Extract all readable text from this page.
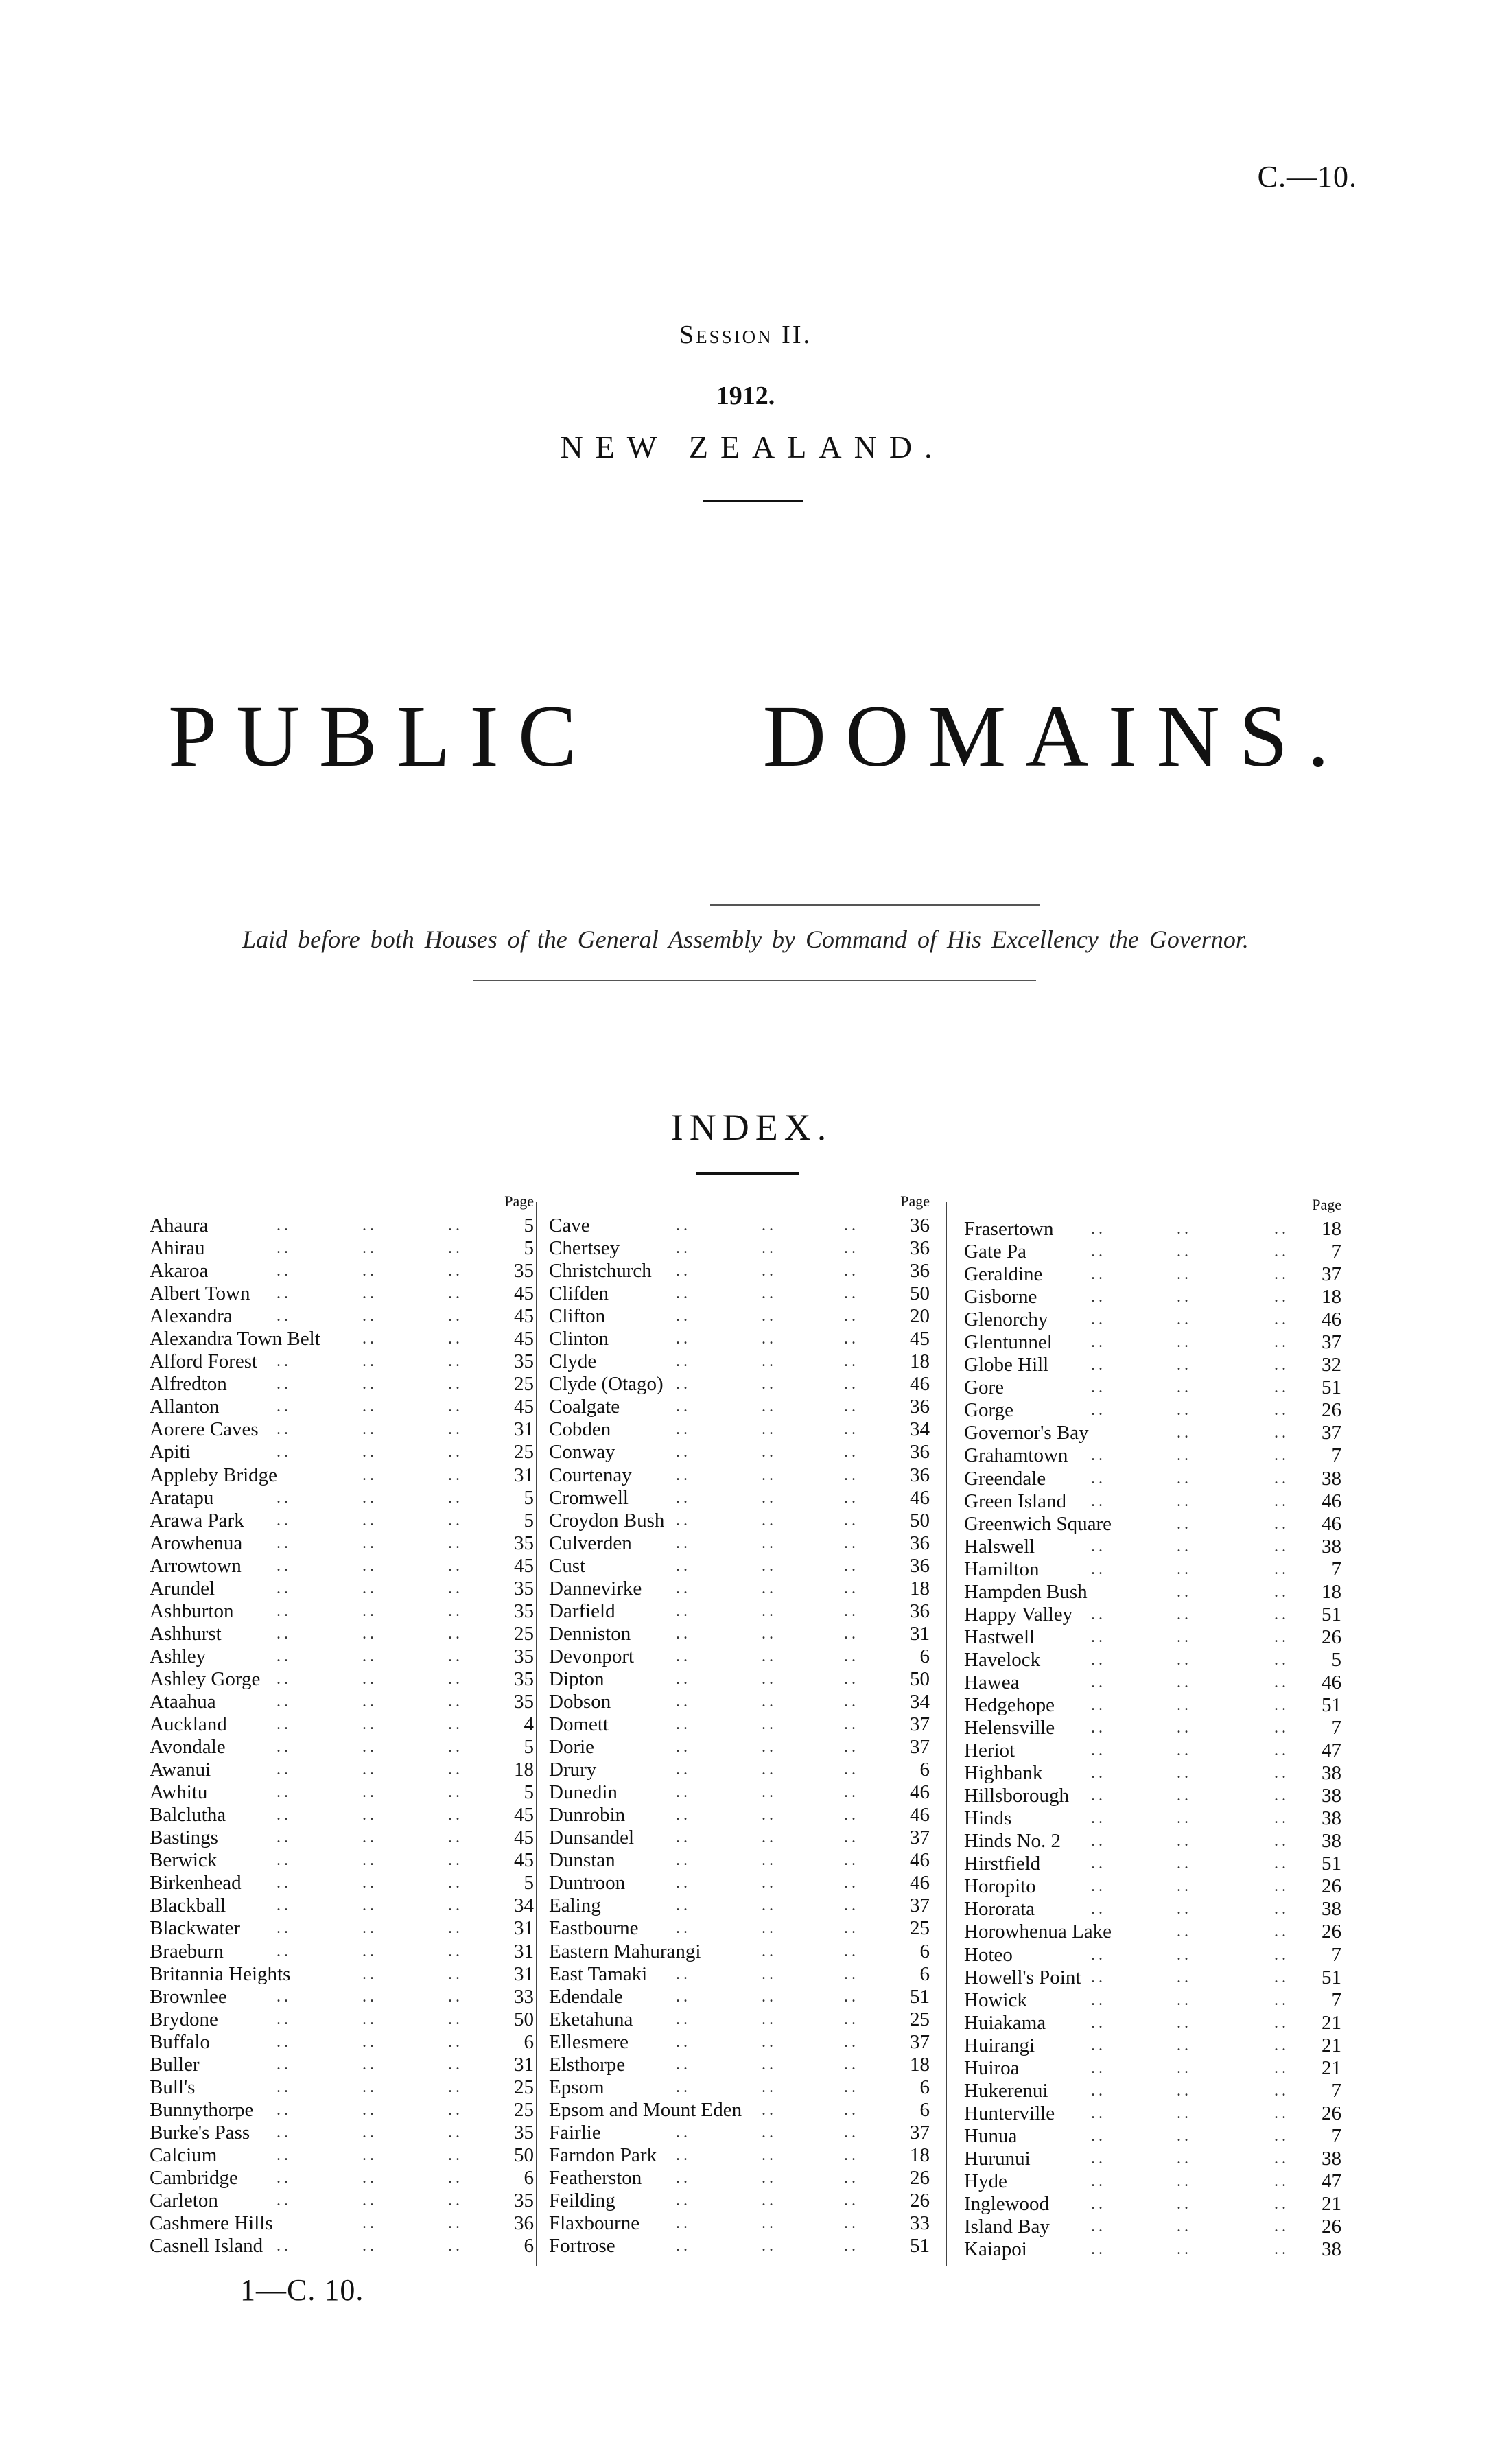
C.—10.
Session II.
1912.
NEW ZEALAND.
PUBLIC DOMAINS.
Laid before both Houses of the General Assembly by Command of His Excellency the Governor.
INDEX.
Page
Ahaura	..	..	..	5
Ahirau	..	..	..	5
Akaroa	..	..	..	35
Albert Town ..	..	..	45
Alexandra	..	..	..	45
Alexandra Town Belt	..	..	45
Alford Forest ..	..	..	35
Alfredton	..	..	..	25
Allanton	..	..	..	45
Aorere Caves ..	..	..	31
Apiti	..	..	..	25
Appleby Bridge	..	..	31
Aratapu	..	..	..	5
Arawa Park ..	..	..	5
Arowhenua ..	..	..	35
Arrowtown ..	..	..	45
Arundel	..	..	..	35
Ashburton	..	..	..	35
Ashhurst	..	..	..	25
Ashley	..	..	..	35
Ashley Gorge ..	..	..	35
Ataahua	..	..	..	35
Auckland	..	..	..	4
Avondale	..	..	..	5
Awanui	..	..	..	18
Awhitu	..	..	..	5
Balclutha	..	..	..	45
Bastings	..	..	..	45
Berwick	..	..	..	45
Birkenhead ..	..	..	5
Blackball	..	..	..	34
Blackwater ..	..	..	31
Braeburn	..	..	..	31
Britannia Heights	..	..	31
Brownlee	..	..	..	33
Brydone	..	..	..	50
Buffalo	..	..	..	6
Buller	..	..	..	31
Bull's	..	..	..	25
Bunnythorpe ..	..	..	25
Burke's Pass ..	..	..	35
Calcium	..	..	..	50
Cambridge ..	..	..	6
Carleton	..	..	..	35
Cashmere Hills	..	..	36
Casnell Island ..	..	..	6
Page
Cave	..	..	..	36
Chertsey	..	..	..	36
Christchurch ..	..	..	36
Clifden	..	..	..	50
Clifton	..	..	..	20
Clinton	..	..	..	45
Clyde	..	..	..	18
Clyde (Otago) ..	..	..	46
Coalgate	..	..	..	36
Cobden	..	..	..	34
Conway	..	..	..	36
Courtenay	..	..	..	36
Cromwell	..	..	..	46
Croydon Bush ..	..	..	50
Culverden	..	..	..	36
Cust	..	..	..	36
Dannevirke ..	..	..	18
Darfield	..	..	..	36
Denniston	..	..	..	31
Devonport	..	..	..	6
Dipton	..	..	..	50
Dobson	..	..	..	34
Domett	..	..	..	37
Dorie	..	..	..	37
Drury	..	..	..	6
Dunedin	..	..	..	46
Dunrobin	..	..	..	46
Dunsandel	..	..	..	37
Dunstan	..	..	..	46
Duntroon	..	..	..	46
Ealing	..	..	..	37
Eastbourne ..	..	..	25
Eastern Mahurangi	..	..	6
East Tamaki ..	..	..	6
Edendale	..	..	..	51
Eketahuna	..	..	..	25
Ellesmere	..	..	..	37
Elsthorpe	..	..	..	18
Epsom	..	..	..	6
Epsom and Mount Eden ..	..	6
Fairlie	..	..	..	37
Farndon Park ..	..	..	18
Featherston ..	..	..	26
Feilding	..	..	..	26
Flaxbourne ..	..	..	33
Fortrose	..	..	..	51
Page
Frasertown ..	..	.. 18
Gate Pa	..	..	.. 7
Geraldine	..	..	.. 37
Gisborne	..	..	.. 18
Glenorchy	..	..	.. 46
Glentunnel ..	..	.. 37
Globe Hill	..	..	.. 32
Gore	..	..	.. 51
Gorge	..	..	.. 26
Governor's Bay	..	.. 37
Grahamtown ..	..	.. 7
Greendale	..	..	.. 38
Green Island ..	..	.. 46
Greenwich Square	..	.. 46
Halswell	..	..	.. 38
Hamilton	..	..	.. 7
Hampden Bush	..	.. 18
Happy Valley ..	..	.. 51
Hastwell	..	..	.. 26
Havelock	..	..	.. 5
Hawea	..	..	.. 46
Hedgehope ..	..	.. 51
Helensville ..	..	.. 7
Heriot	..	..	.. 47
Highbank	..	..	.. 38
Hillsborough ..	..	.. 38
Hinds	..	..	.. 38
Hinds No. 2 ..	..	.. 38
Hirstfield	..	..	.. 51
Horopito	..	..	.. 26
Hororata	..	..	.. 38
Horowhenua Lake	..	.. 26
Hoteo	..	..	.. 7
Howell's Point ..	..	.. 51
Howick	..	..	.. 7
Huiakama	..	..	.. 21
Huirangi	..	..	.. 21
Huiroa	..	..	.. 21
Hukerenui	..	..	.. 7
Hunterville ..	..	.. 26
Hunua	..	..	.. 7
Hurunui	..	..	.. 38
Hyde	..	..	.. 47
Inglewood	..	..	.. 21
Island Bay	..	..	.. 26
Kaiapoi	..	..	.. 38
1—C. 10.
